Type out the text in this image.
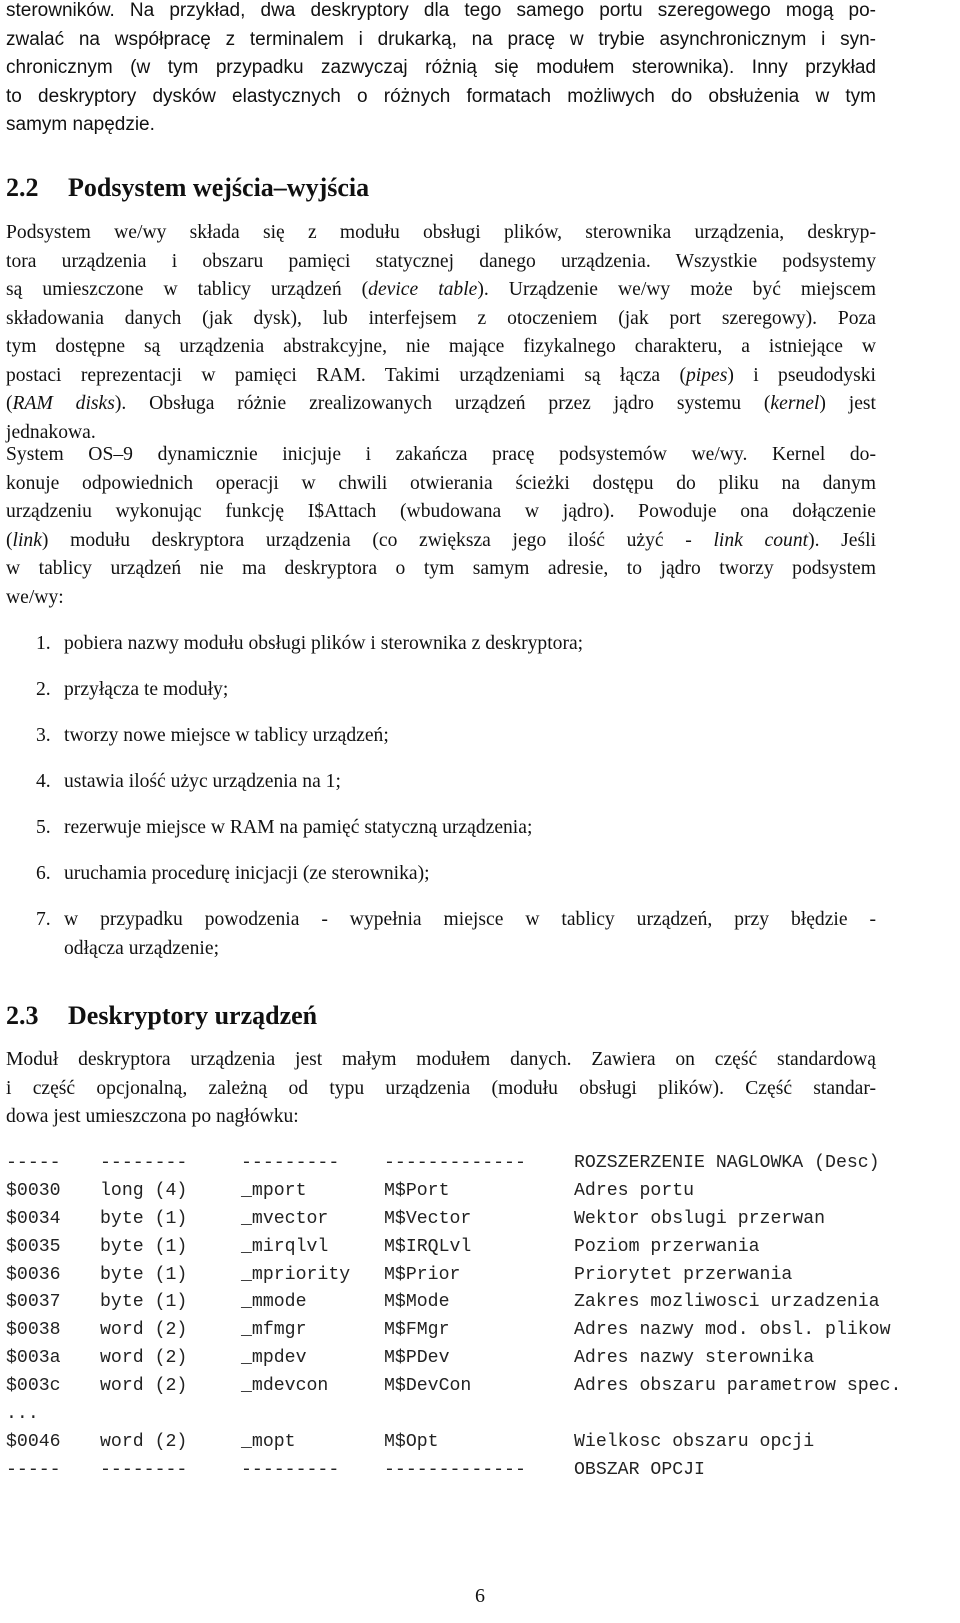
sterowników. Na przykład, dwa deskryptory dla tego samego portu szeregowego mogą po-
zwalać na współpracę z terminalem i drukarką, na pracę w trybie asynchronicznym i syn-
chronicznym (w tym przypadku zazwyczaj różnią się modułem sterownika). Inny przykład
to deskryptory dysków elastycznych o różnych formatach możliwych do obsłużenia w tym
samym napędzie.
2.2 Podsystem wejścia–wyjścia
Podsystem we/wy składa się z modułu obsługi plików, sterownika urządzenia, deskryp-
tora urządzenia i obszaru pamięci statycznej danego urządzenia. Wszystkie podsystemy
są umieszczone w tablicy urządzeń (device table). Urządzenie we/wy może być miejscem
składowania danych (jak dysk), lub interfejsem z otoczeniem (jak port szeregowy). Poza
tym dostępne są urządzenia abstrakcyjne, nie mające fizykalnego charakteru, a istniejące w
postaci reprezentacji w pamięci RAM. Takimi urządzeniami są łącza (pipes) i pseudodyski
(RAM disks). Obsługa różnie zrealizowanych urządzeń przez jądro systemu (kernel) jest
jednakowa.
System OS–9 dynamicznie inicjuje i zakańcza pracę podsystemów we/wy. Kernel do-
konuje odpowiednich operacji w chwili otwierania ścieżki dostępu do pliku na danym
urządzeniu wykonując funkcję I$Attach (wbudowana w jądro). Powoduje ona dołączenie
(link) modułu deskryptora urządzenia (co zwiększa jego ilość użyć - link count). Jeśli
w tablicy urządzeń nie ma deskryptora o tym samym adresie, to jądro tworzy podsystem
we/wy:
1. pobiera nazwy modułu obsługi plików i sterownika z deskryptora;
2. przyłącza te moduły;
3. tworzy nowe miejsce w tablicy urządzeń;
4. ustawia ilość użyc urządzenia na 1;
5. rezerwuje miejsce w RAM na pamięć statyczną urządzenia;
6. uruchamia procedurę inicjacji (ze sterownika);
7. w przypadku powodzenia - wypełnia miejsce w tablicy urządzeń, przy błędzie -
odłącza urządzenie;
2.3 Deskryptory urządzeń
Moduł deskryptora urządzenia jest małym modułem danych. Zawiera on część standardową
i część opcjonalną, zależną od typu urządzenia (modułu obsługi plików). Część standar-
dowa jest umieszczona po nagłówku:
----- --------	--------- -------------	ROZSZERZENIE NAGLOWKA (Desc)
$0030 long (4)	_mport	M$Port	Adres portu
$0034 byte (1)	_mvector	M$Vector	Wektor obslugi przerwan
$0035 byte (1)	_mirqlvl	M$IRQLvl	Poziom przerwania
$0036 byte (1)	_mpriority M$Prior	Priorytet przerwania
$0037 byte (1)	_mmode	M$Mode	Zakres mozliwosci urzadzenia
$0038 word (2)	_mfmgr	M$FMgr	Adres nazwy mod. obsl. plikow
$003a word (2)	_mpdev	M$PDev	Adres nazwy sterownika
$003c word (2)	_mdevcon	M$DevCon	Adres obszaru parametrow spec.
...
$0046 word (2)	_mopt	M$Opt	Wielkosc obszaru opcji
----- --------	--------- -------------	OBSZAR OPCJI
6
